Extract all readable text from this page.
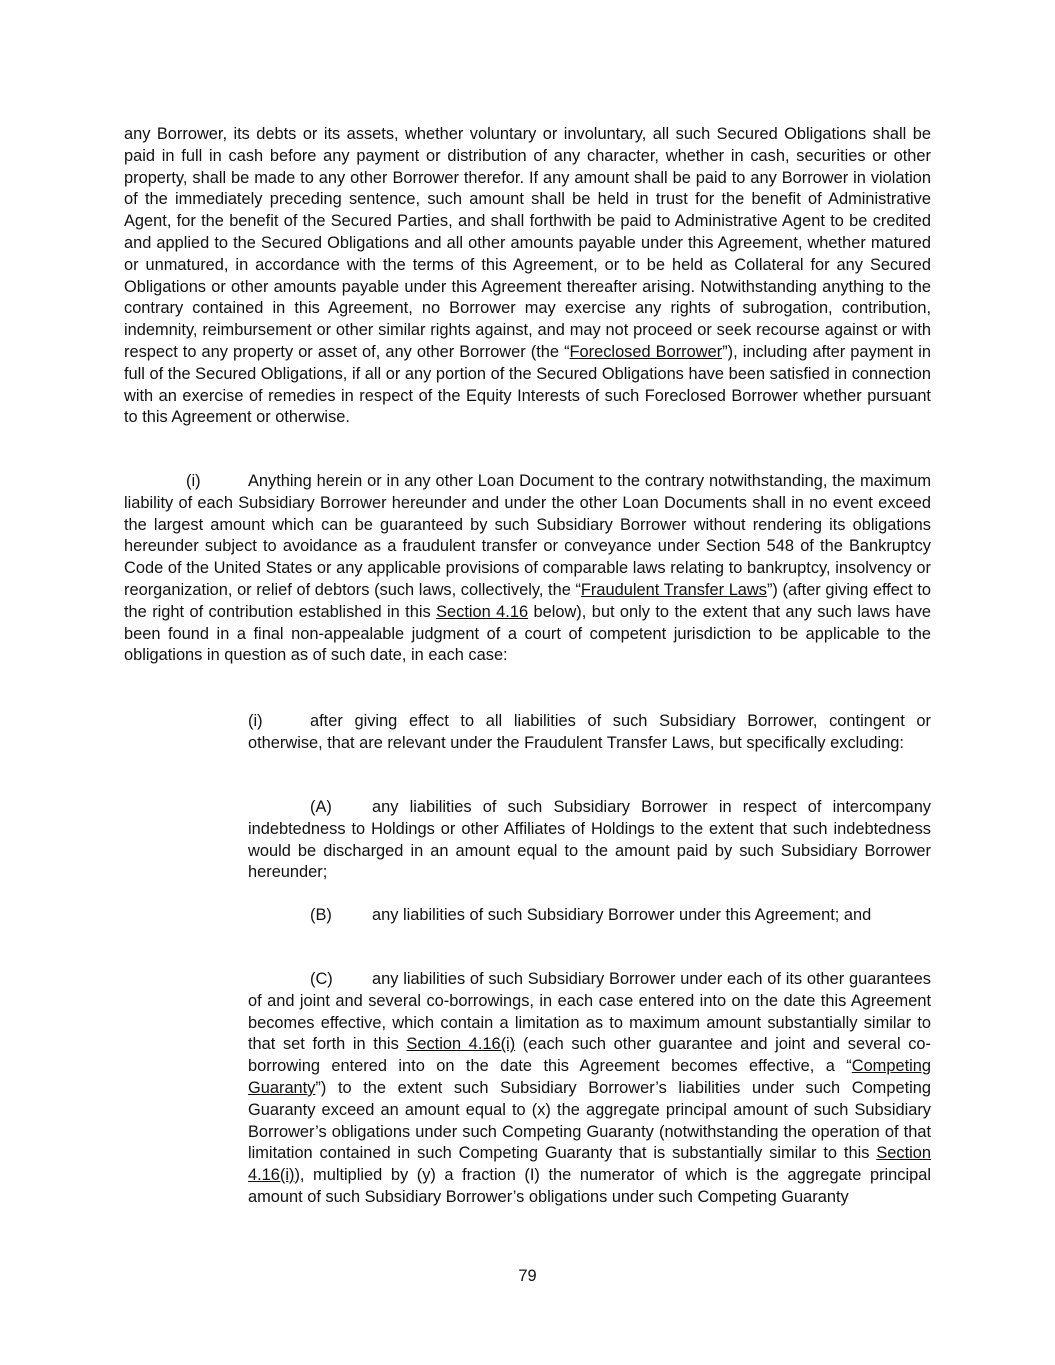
any Borrower, its debts or its assets, whether voluntary or involuntary, all such Secured Obligations shall be paid in full in cash before any payment or distribution of any character, whether in cash, securities or other property, shall be made to any other Borrower therefor. If any amount shall be paid to any Borrower in violation of the immediately preceding sentence, such amount shall be held in trust for the benefit of Administrative Agent, for the benefit of the Secured Parties, and shall forthwith be paid to Administrative Agent to be credited and applied to the Secured Obligations and all other amounts payable under this Agreement, whether matured or unmatured, in accordance with the terms of this Agreement, or to be held as Collateral for any Secured Obligations or other amounts payable under this Agreement thereafter arising. Notwithstanding anything to the contrary contained in this Agreement, no Borrower may exercise any rights of subrogation, contribution, indemnity, reimbursement or other similar rights against, and may not proceed or seek recourse against or with respect to any property or asset of, any other Borrower (the “Foreclosed Borrower”), including after payment in full of the Secured Obligations, if all or any portion of the Secured Obligations have been satisfied in connection with an exercise of remedies in respect of the Equity Interests of such Foreclosed Borrower whether pursuant to this Agreement or otherwise.

(i)	Anything herein or in any other Loan Document to the contrary notwithstanding, the maximum liability of each Subsidiary Borrower hereunder and under the other Loan Documents shall in no event exceed the largest amount which can be guaranteed by such Subsidiary Borrower without rendering its obligations hereunder subject to avoidance as a fraudulent transfer or conveyance under Section 548 of the Bankruptcy Code of the United States or any applicable provisions of comparable laws relating to bankruptcy, insolvency or reorganization, or relief of debtors (such laws, collectively, the “Fraudulent Transfer Laws”) (after giving effect to the right of contribution established in this Section 4.16 below), but only to the extent that any such laws have been found in a final non-appealable judgment of a court of competent jurisdiction to be applicable to the obligations in question as of such date, in each case:

(i)	after giving effect to all liabilities of such Subsidiary Borrower, contingent or otherwise, that are relevant under the Fraudulent Transfer Laws, but specifically excluding:

(A) any liabilities of such Subsidiary Borrower in respect of intercompany indebtedness to Holdings or other Affiliates of Holdings to the extent that such indebtedness would be discharged in an amount equal to the amount paid by such Subsidiary Borrower hereunder;

(B) any liabilities of such Subsidiary Borrower under this Agreement; and

(C) any liabilities of such Subsidiary Borrower under each of its other guarantees of and joint and several co-borrowings, in each case entered into on the date this Agreement becomes effective, which contain a limitation as to maximum amount substantially similar to that set forth in this Section 4.16(i) (each such other guarantee and joint and several co-borrowing entered into on the date this Agreement becomes effective, a “Competing Guaranty”) to the extent such Subsidiary Borrower’s liabilities under such Competing Guaranty exceed an amount equal to (x) the aggregate principal amount of such Subsidiary Borrower’s obligations under such Competing Guaranty (notwithstanding the operation of that limitation contained in such Competing Guaranty that is substantially similar to this Section 4.16(i)), multiplied by (y) a fraction (I) the numerator of which is the aggregate principal amount of such Subsidiary Borrower’s obligations under such Competing Guaranty

79
